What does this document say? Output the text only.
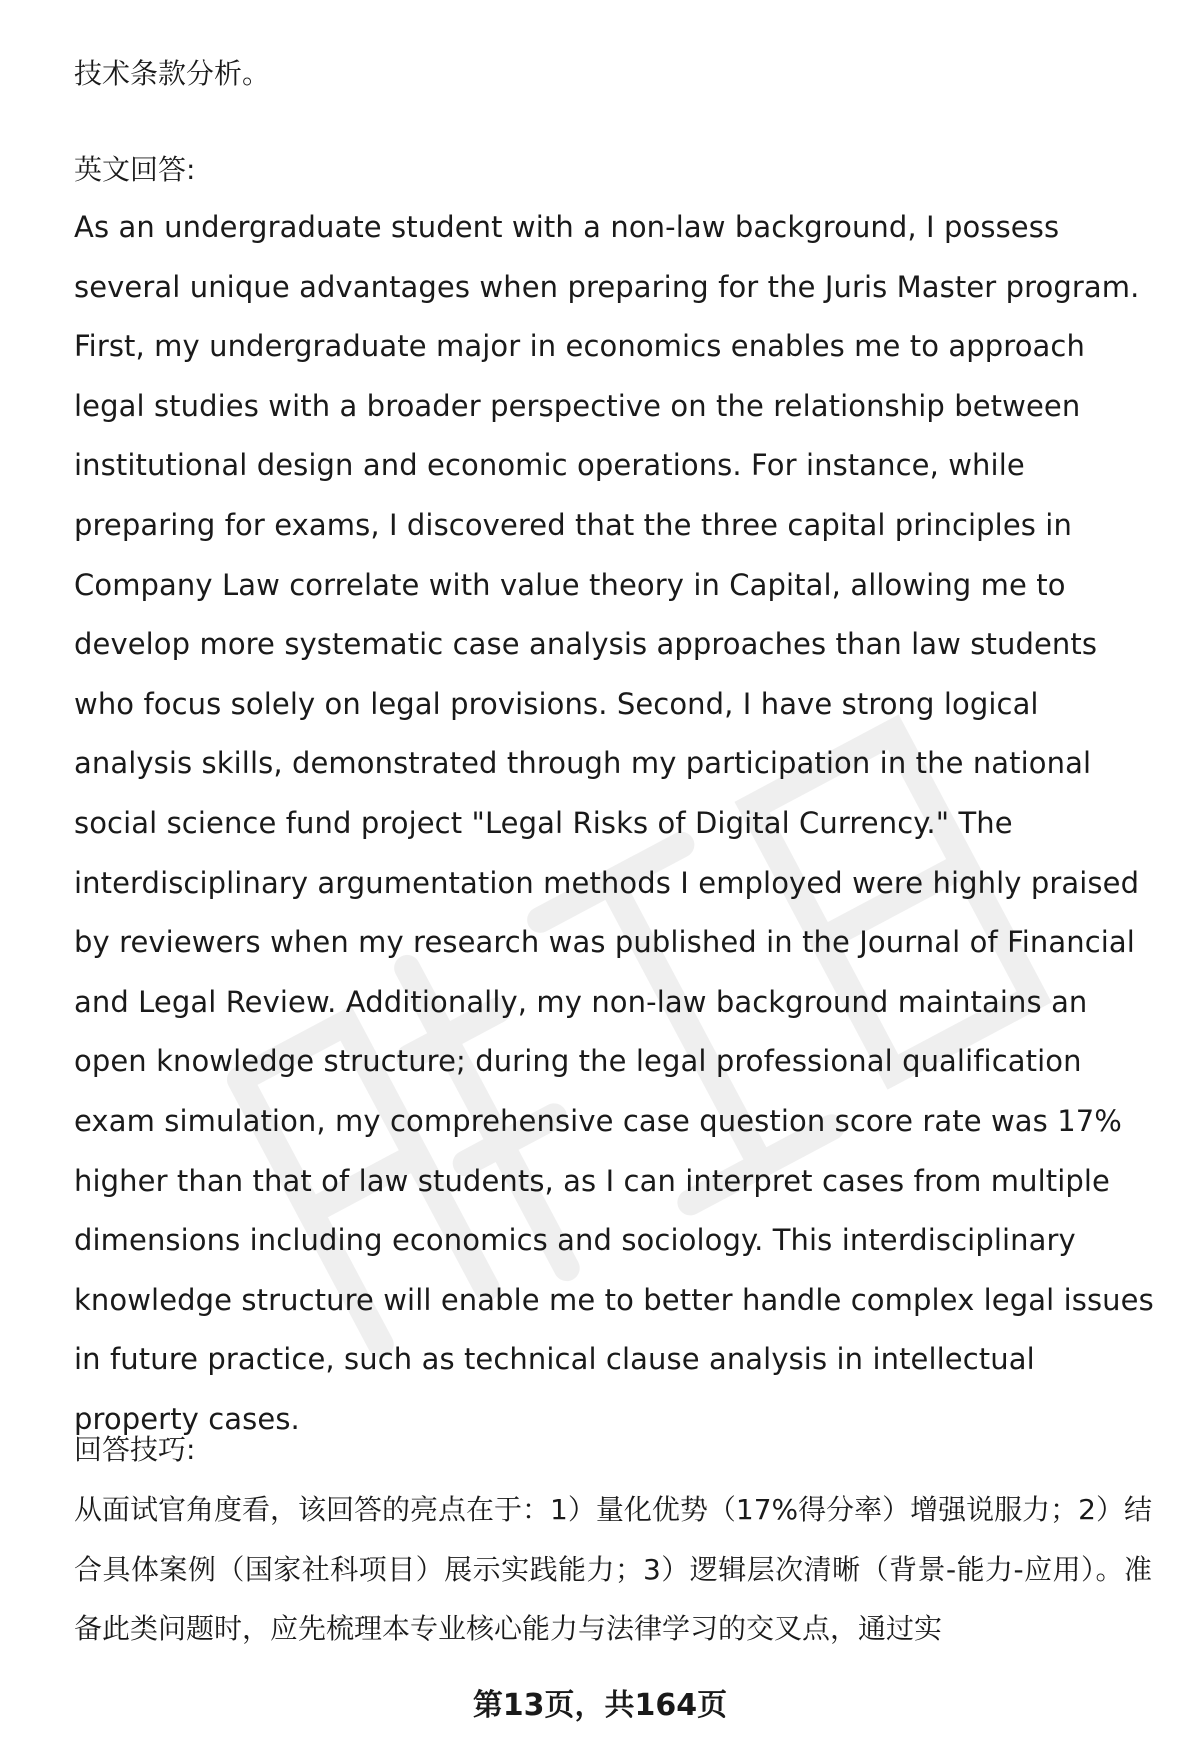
技术条款分析。

英文回答:

As an undergraduate student with a non-law background, I possess several unique advantages when preparing for the Juris Master program. First, my undergraduate major in economics enables me to approach legal studies with a broader perspective on the relationship between institutional design and economic operations. For instance, while preparing for exams, I discovered that the three capital principles in Company Law correlate with value theory in Capital, allowing me to develop more systematic case analysis approaches than law students who focus solely on legal provisions. Second, I have strong logical analysis skills, demonstrated through my participation in the national social science fund project "Legal Risks of Digital Currency." The interdisciplinary argumentation methods I employed were highly praised by reviewers when my research was published in the Journal of Financial and Legal Review. Additionally, my non-law background maintains an open knowledge structure; during the legal professional qualification exam simulation, my comprehensive case question score rate was 17% higher than that of law students, as I can interpret cases from multiple dimensions including economics and sociology. This interdisciplinary knowledge structure will enable me to better handle complex legal issues in future practice, such as technical clause analysis in intellectual property cases.

回答技巧:

从面试官角度看，该回答的亮点在于：1）量化优势（17%得分率）增强说服力；2）结合具体案例（国家社科项目）展示实践能力；3）逻辑层次清晰（背景-能力-应用）。准备此类问题时，应先梳理本专业核心能力与法律学习的交叉点，通过实

第13页，共164页
